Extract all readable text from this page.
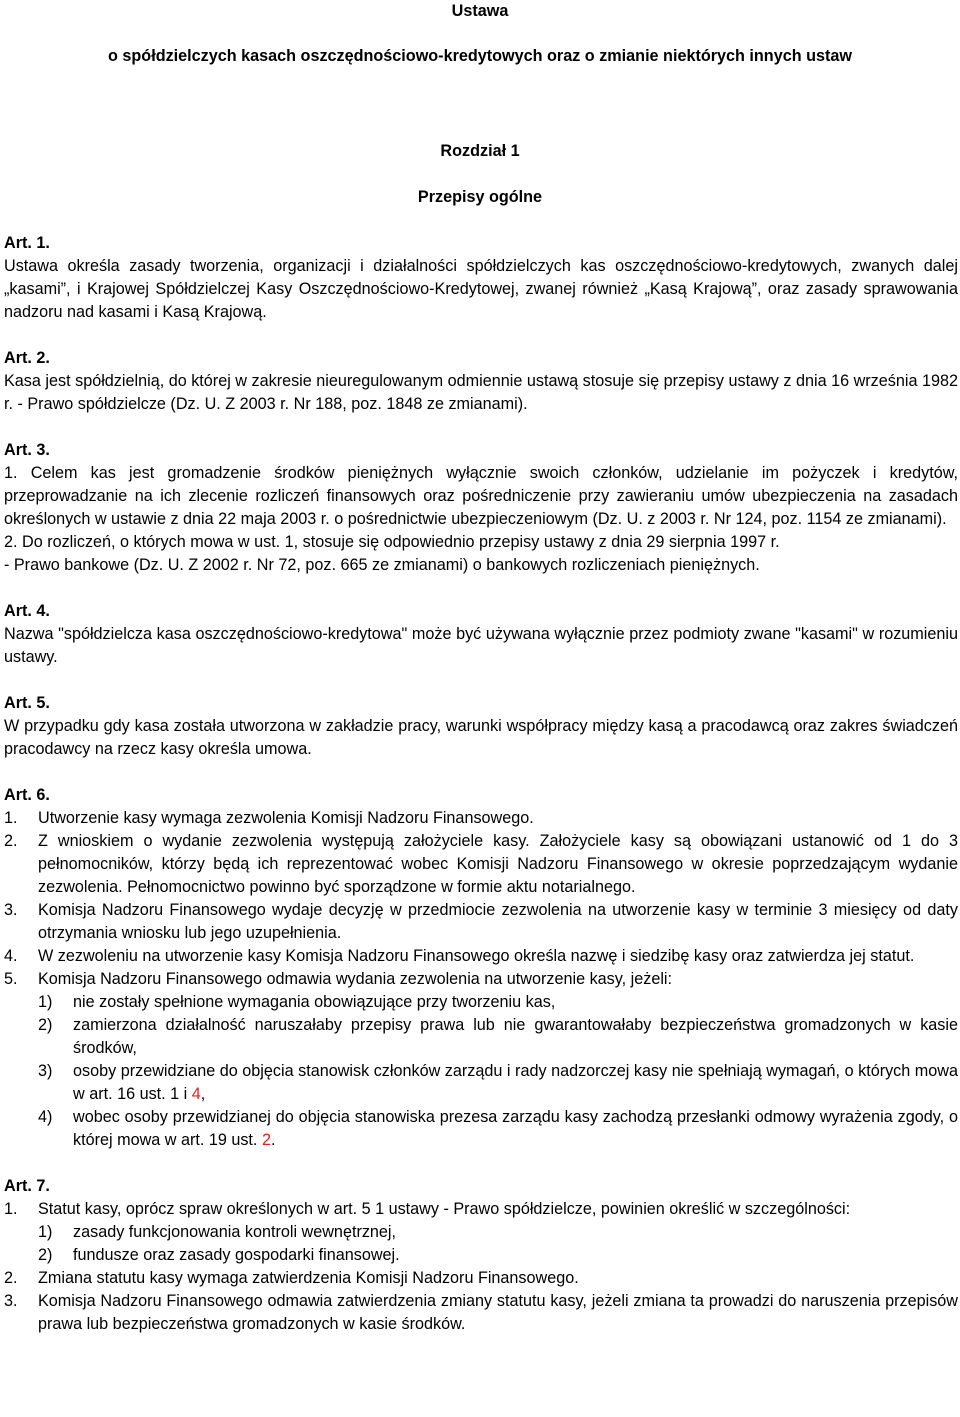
Ustawa
o spółdzielczych kasach oszczędnościowo-kredytowych oraz o zmianie niektórych innych ustaw
Rozdział 1
Przepisy ogólne

Art. 1.

Ustawa określa zasady tworzenia, organizacji i działalności spółdzielczych kas oszczędnościowo-kredytowych, zwanych dalej „kasami”, i Krajowej Spółdzielczej Kasy Oszczędnościowo-Kredytowej, zwanej również „Kasą Krajową”, oraz zasady sprawowania nadzoru nad kasami i Kasą Krajową.

Art. 2.

Kasa jest spółdzielnią, do której w zakresie nieuregulowanym odmiennie ustawą stosuje się przepisy ustawy z dnia 16 września 1982 r. - Prawo spółdzielcze (Dz. U. Z 2003 r. Nr 188, poz. 1848 ze zmianami).

Art. 3.

1. Celem kas jest gromadzenie środków pieniężnych wyłącznie swoich członków, udzielanie im pożyczek i kredytów, przeprowadzanie na ich zlecenie rozliczeń finansowych oraz pośredniczenie przy zawieraniu umów ubezpieczenia na zasadach określonych w ustawie z dnia 22 maja 2003 r. o pośrednictwie ubezpieczeniowym (Dz. U. z 2003 r. Nr 124, poz. 1154 ze zmianami).

2. Do rozliczeń, o których mowa w ust. 1, stosuje się odpowiednio przepisy ustawy z dnia 29 sierpnia 1997 r.

- Prawo bankowe (Dz. U. Z 2002 r. Nr 72, poz. 665 ze zmianami) o bankowych rozliczeniach pieniężnych.

Art. 4.

Nazwa "spółdzielcza kasa oszczędnościowo-kredytowa" może być używana wyłącznie przez podmioty zwane "kasami" w rozumieniu ustawy.

Art. 5.

W przypadku gdy kasa została utworzona w zakładzie pracy, warunki współpracy między kasą a pracodawcą oraz zakres świadczeń pracodawcy na rzecz kasy określa umowa.

Art. 6.

1.	Utworzenie kasy wymaga zezwolenia Komisji Nadzoru Finansowego.
2.	Z wnioskiem o wydanie zezwolenia występują założyciele kasy. Założyciele kasy są obowiązani ustanowić od 1 do 3 pełnomocników, którzy będą ich reprezentować wobec Komisji Nadzoru Finansowego w okresie poprzedzającym wydanie zezwolenia. Pełnomocnictwo powinno być sporządzone w formie aktu notarialnego.
3.	Komisja Nadzoru Finansowego wydaje decyzję w przedmiocie zezwolenia na utworzenie kasy w terminie 3 miesięcy od daty otrzymania wniosku lub jego uzupełnienia.
4.	W zezwoleniu na utworzenie kasy Komisja Nadzoru Finansowego określa nazwę i siedzibę kasy oraz zatwierdza jej statut.
5.	Komisja Nadzoru Finansowego odmawia wydania zezwolenia na utworzenie kasy, jeżeli:
1)	nie zostały spełnione wymagania obowiązujące przy tworzeniu kas,
2)	zamierzona działalność naruszałaby przepisy prawa lub nie gwarantowałaby bezpieczeństwa gromadzonych w kasie środków,
3)	osoby przewidziane do objęcia stanowisk członków zarządu i rady nadzorczej kasy nie spełniają wymagań, o których mowa w art. 16 ust. 1 i 4,
4)	wobec osoby przewidzianej do objęcia stanowiska prezesa zarządu kasy zachodzą przesłanki odmowy wyrażenia zgody, o której mowa w art. 19 ust. 2.

Art. 7.

1.	Statut kasy, oprócz spraw określonych w art. 5 1 ustawy - Prawo spółdzielcze, powinien określić w szczególności:
1)	zasady funkcjonowania kontroli wewnętrznej,
2)	fundusze oraz zasady gospodarki finansowej.
2.	Zmiana statutu kasy wymaga zatwierdzenia Komisji Nadzoru Finansowego.
3.	Komisja Nadzoru Finansowego odmawia zatwierdzenia zmiany statutu kasy, jeżeli zmiana ta prowadzi do naruszenia przepisów prawa lub bezpieczeństwa gromadzonych w kasie środków.
